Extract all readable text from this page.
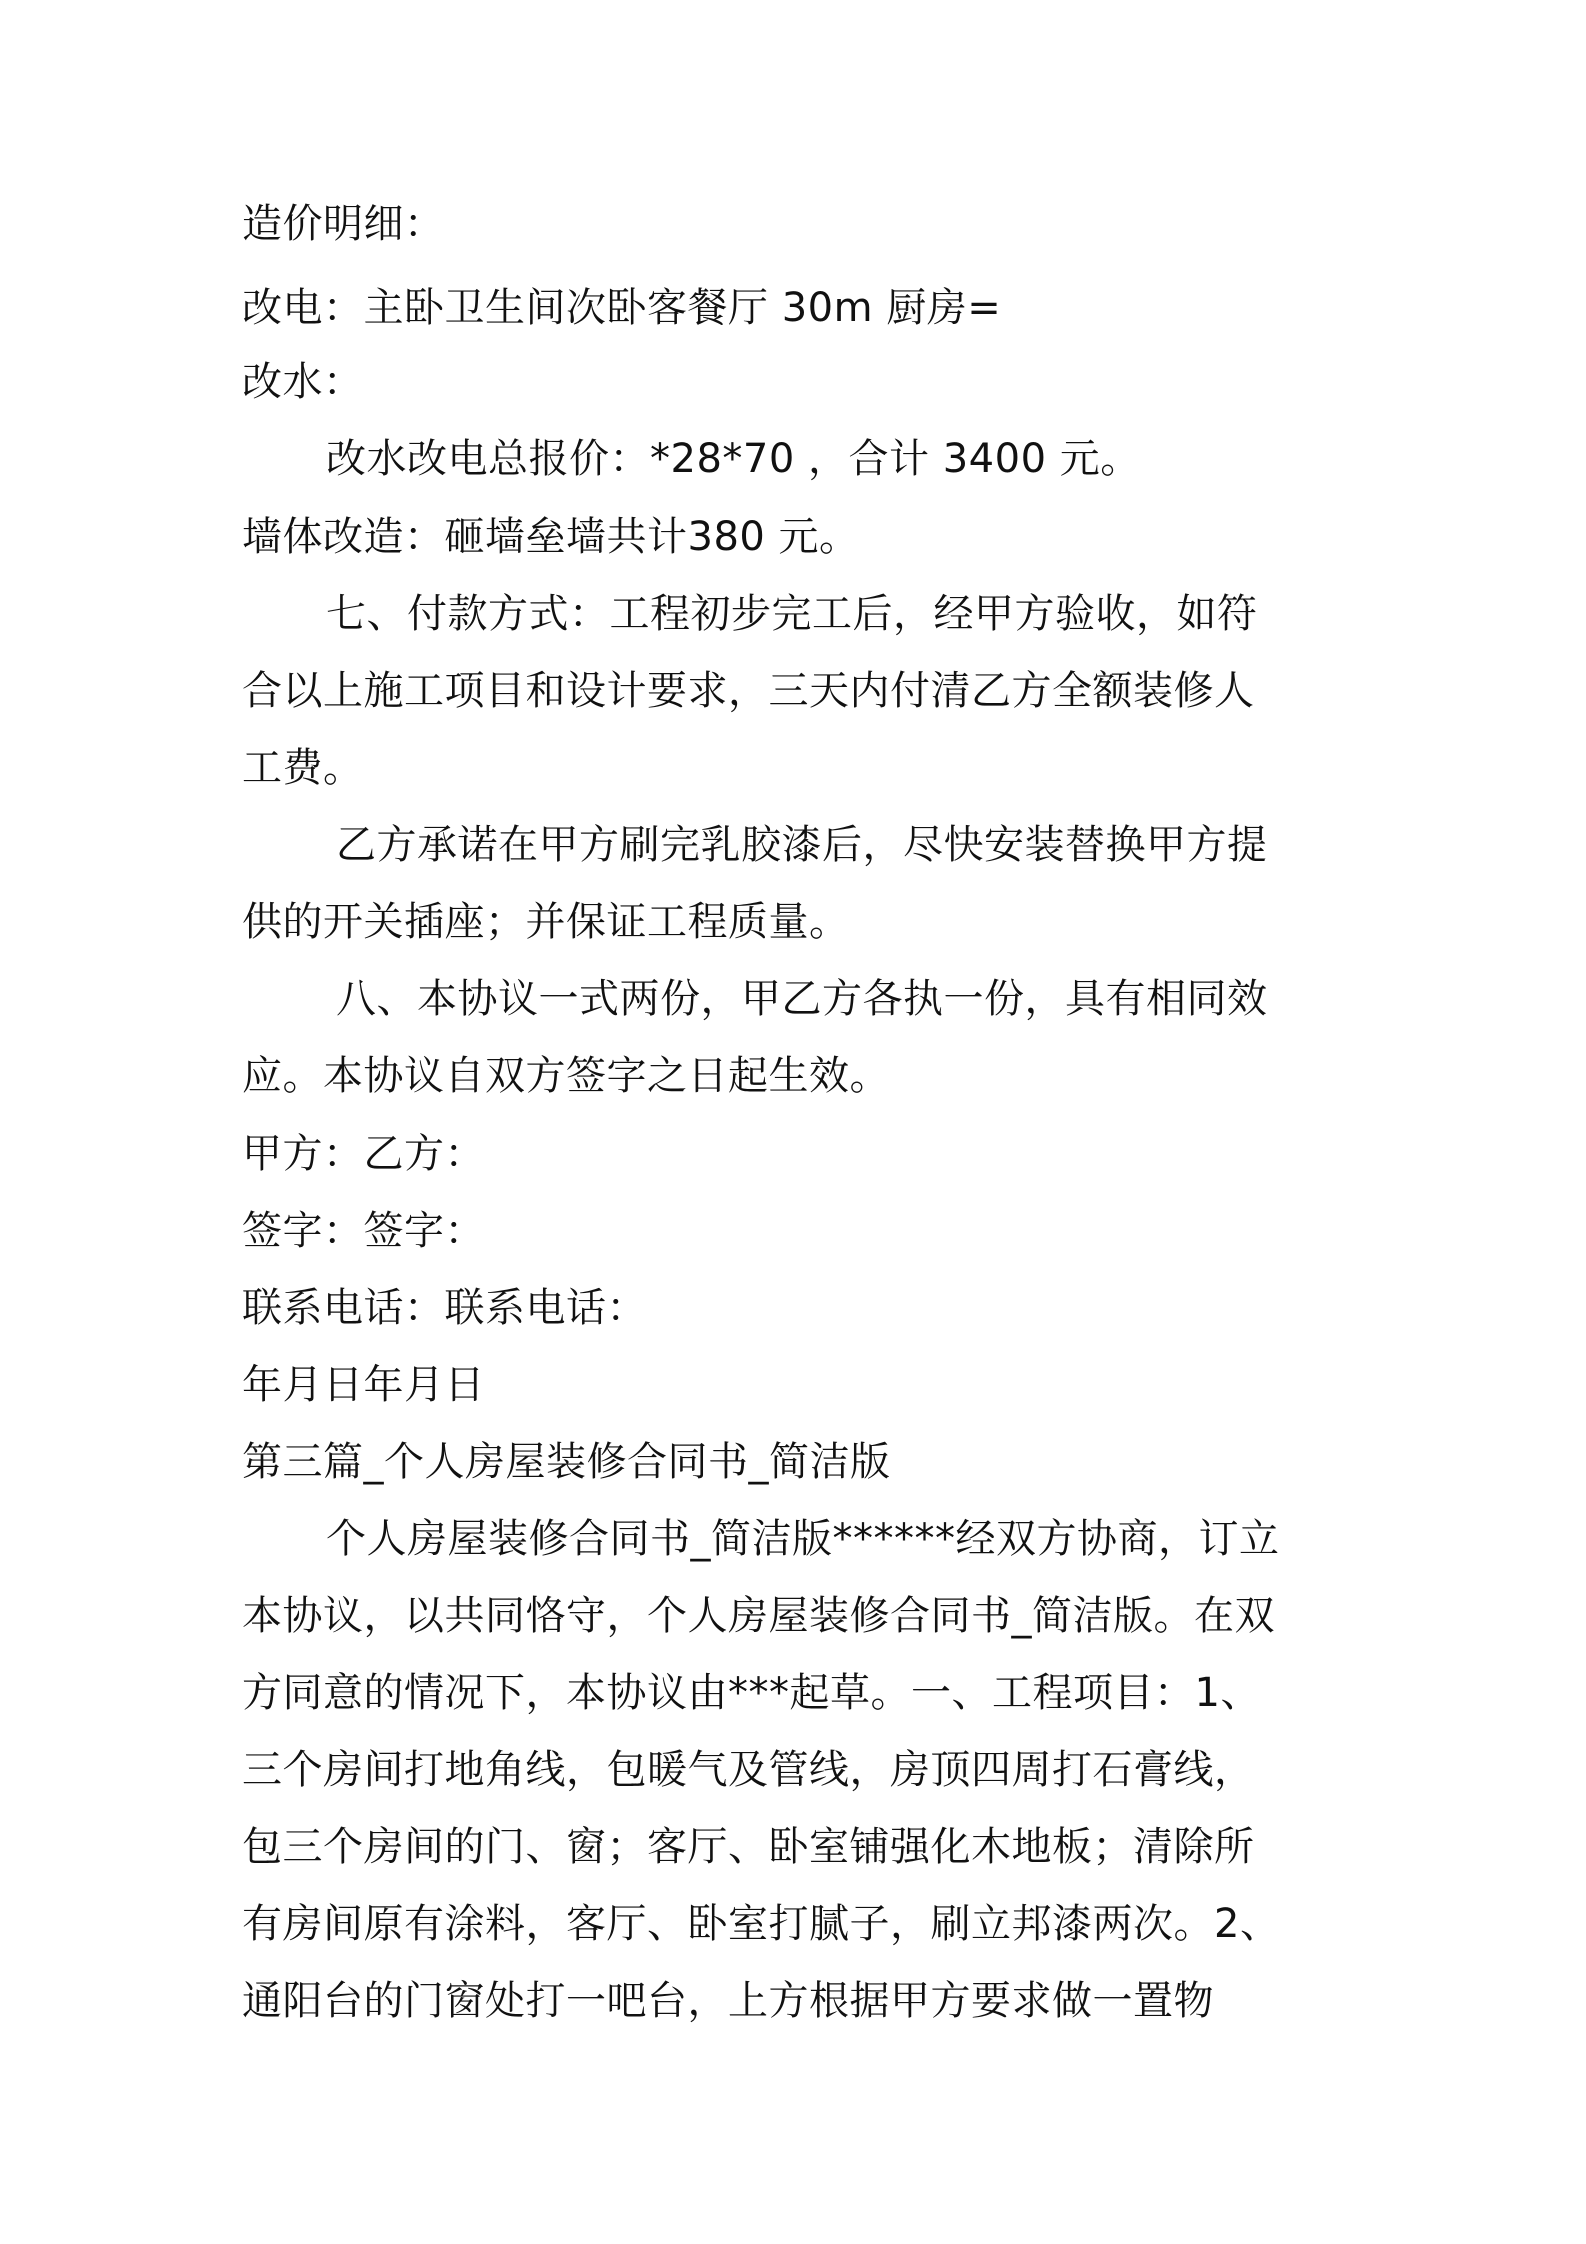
造价明细：
改电：主卧卫生间次卧客餐厅 30m 厨房=
改水：
改水改电总报价：*28*70 ，合计 3400 元。
墙体改造：砸墙垒墙共计380 元。
七、付款方式：工程初步完工后，经甲方验收，如符
合以上施工项目和设计要求，三天内付清乙方全额装修人
工费。
乙方承诺在甲方刷完乳胶漆后，尽快安装替换甲方提
供的开关插座；并保证工程质量。
八、本协议一式两份，甲乙方各执一份，具有相同效
应。本协议自双方签字之日起生效。
甲方：乙方：
签字：签字：
联系电话：联系电话：
年月日年月日
第三篇_个人房屋装修合同书_简洁版
个人房屋装修合同书_简洁版******经双方协商，订立
本协议，以共同恪守，个人房屋装修合同书_简洁版。在双
方同意的情况下，本协议由***起草。一、工程项目：1、
三个房间打地角线，包暖气及管线，房顶四周打石膏线，
包三个房间的门、窗；客厅、卧室铺强化木地板；清除所
有房间原有涂料，客厅、卧室打腻子，刷立邦漆两次。2、
通阳台的门窗处打一吧台，上方根据甲方要求做一置物
